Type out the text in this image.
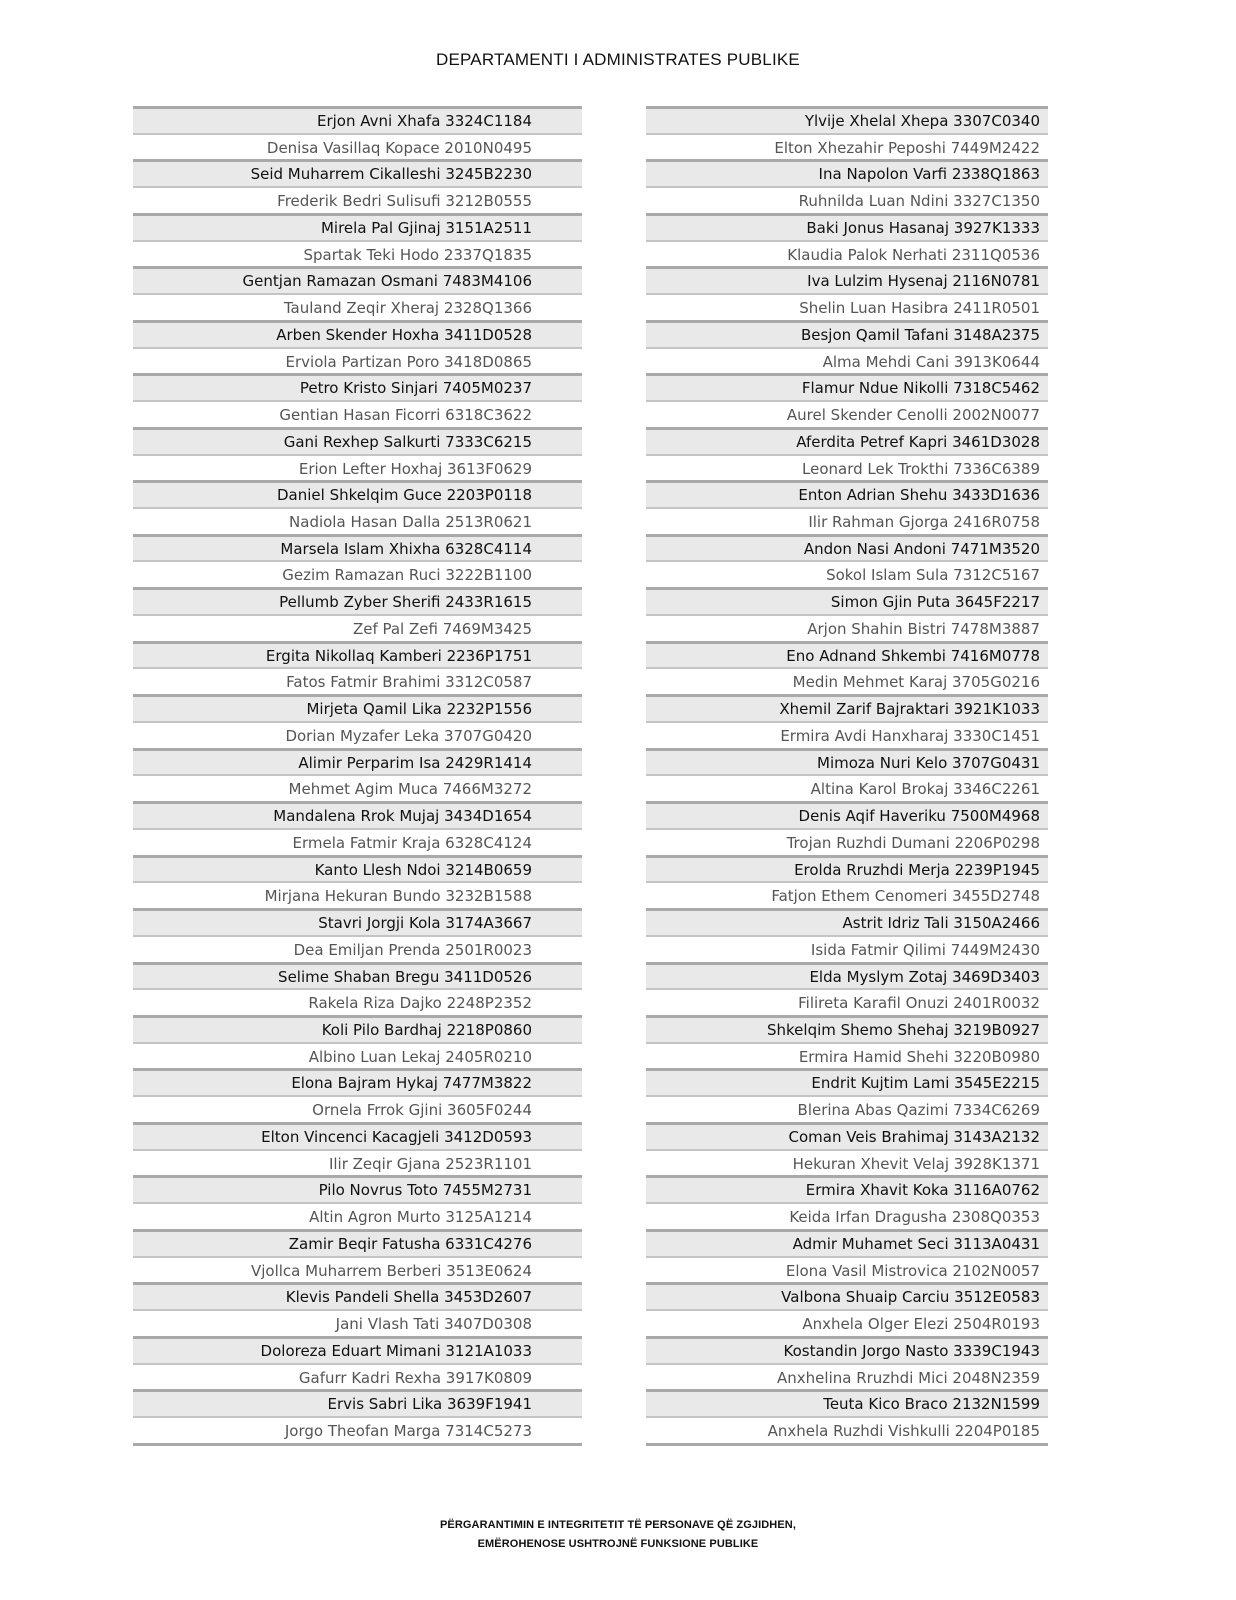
DEPARTAMENTI I ADMINISTRATES PUBLIKE
Erjon Avni Xhafa 3324C1184
Denisa Vasillaq Kopace 2010N0495
Seid Muharrem Cikalleshi 3245B2230
Frederik Bedri Sulisufi 3212B0555
Mirela Pal Gjinaj 3151A2511
Spartak Teki Hodo 2337Q1835
Gentjan Ramazan Osmani 7483M4106
Tauland Zeqir Xheraj 2328Q1366
Arben Skender Hoxha 3411D0528
Erviola Partizan Poro 3418D0865
Petro Kristo Sinjari 7405M0237
Gentian Hasan Ficorri 6318C3622
Gani Rexhep Salkurti 7333C6215
Erion Lefter Hoxhaj 3613F0629
Daniel Shkelqim Guce 2203P0118
Nadiola Hasan Dalla 2513R0621
Marsela Islam Xhixha 6328C4114
Gezim Ramazan Ruci 3222B1100
Pellumb Zyber Sherifi 2433R1615
Zef Pal Zefi 7469M3425
Ergita Nikollaq Kamberi 2236P1751
Fatos Fatmir Brahimi 3312C0587
Mirjeta Qamil Lika 2232P1556
Dorian Myzafer Leka 3707G0420
Alimir Perparim Isa 2429R1414
Mehmet Agim Muca 7466M3272
Mandalena Rrok Mujaj 3434D1654
Ermela Fatmir Kraja 6328C4124
Kanto Llesh Ndoi 3214B0659
Mirjana Hekuran Bundo 3232B1588
Stavri Jorgji Kola 3174A3667
Dea Emiljan Prenda 2501R0023
Selime Shaban Bregu 3411D0526
Rakela Riza Dajko 2248P2352
Koli Pilo Bardhaj 2218P0860
Albino Luan Lekaj 2405R0210
Elona Bajram Hykaj 7477M3822
Ornela Frrok Gjini 3605F0244
Elton Vincenci Kacagjeli 3412D0593
Ilir Zeqir Gjana 2523R1101
Pilo Novrus Toto 7455M2731
Altin Agron Murto 3125A1214
Zamir Beqir Fatusha 6331C4276
Vjollca Muharrem Berberi 3513E0624
Klevis Pandeli Shella 3453D2607
Jani Vlash Tati 3407D0308
Doloreza Eduart Mimani 3121A1033
Gafurr Kadri Rexha 3917K0809
Ervis Sabri Lika 3639F1941
Jorgo Theofan Marga 7314C5273
Ylvije Xhelal Xhepa 3307C0340
Elton Xhezahir Peposhi 7449M2422
Ina Napolon Varfi 2338Q1863
Ruhnilda Luan Ndini 3327C1350
Baki Jonus Hasanaj 3927K1333
Klaudia Palok Nerhati 2311Q0536
Iva Lulzim Hysenaj 2116N0781
Shelin Luan Hasibra 2411R0501
Besjon Qamil Tafani 3148A2375
Alma Mehdi Cani 3913K0644
Flamur Ndue Nikolli 7318C5462
Aurel Skender Cenolli 2002N0077
Aferdita Petref Kapri 3461D3028
Leonard Lek Trokthi 7336C6389
Enton Adrian Shehu 3433D1636
Ilir Rahman Gjorga 2416R0758
Andon Nasi Andoni 7471M3520
Sokol Islam Sula 7312C5167
Simon Gjin Puta 3645F2217
Arjon Shahin Bistri 7478M3887
Eno Adnand Shkembi 7416M0778
Medin Mehmet Karaj 3705G0216
Xhemil Zarif Bajraktari 3921K1033
Ermira Avdi Hanxharaj 3330C1451
Mimoza Nuri Kelo 3707G0431
Altina Karol Brokaj 3346C2261
Denis Aqif Haveriku 7500M4968
Trojan Ruzhdi Dumani 2206P0298
Erolda Rruzhdi Merja 2239P1945
Fatjon Ethem Cenomeri 3455D2748
Astrit Idriz Tali 3150A2466
Isida Fatmir Qilimi 7449M2430
Elda Myslym Zotaj 3469D3403
Filireta Karafil Onuzi 2401R0032
Shkelqim Shemo Shehaj 3219B0927
Ermira Hamid Shehi 3220B0980
Endrit Kujtim Lami 3545E2215
Blerina Abas Qazimi 7334C6269
Coman Veis Brahimaj 3143A2132
Hekuran Xhevit Velaj 3928K1371
Ermira Xhavit Koka 3116A0762
Keida Irfan Dragusha 2308Q0353
Admir Muhamet Seci 3113A0431
Elona Vasil Mistrovica 2102N0057
Valbona Shuaip Carciu 3512E0583
Anxhela Olger Elezi 2504R0193
Kostandin Jorgo Nasto 3339C1943
Anxhelina Rruzhdi Mici 2048N2359
Teuta Kico Braco 2132N1599
Anxhela Ruzhdi Vishkulli 2204P0185
PËRGARANTIMIN E INTEGRITETIT TË PERSONAVE QË ZGJIDHEN,
EMËROHENOSE USHTROJNË FUNKSIONE PUBLIKE
